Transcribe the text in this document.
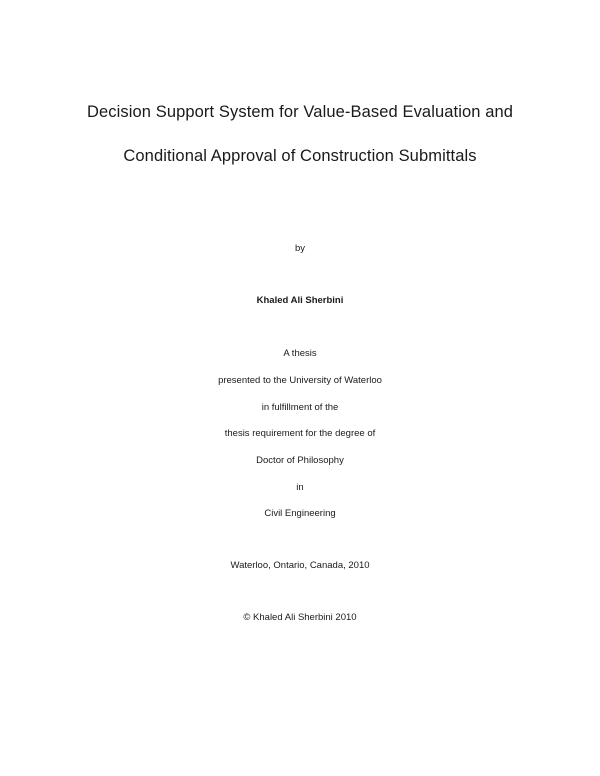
Decision Support System for Value-Based Evaluation and
Conditional Approval of Construction Submittals
by
Khaled Ali Sherbini
A thesis
presented to the University of Waterloo
in fulfillment of the
thesis requirement for the degree of
Doctor of Philosophy
in
Civil Engineering
Waterloo, Ontario, Canada, 2010
© Khaled Ali Sherbini 2010
